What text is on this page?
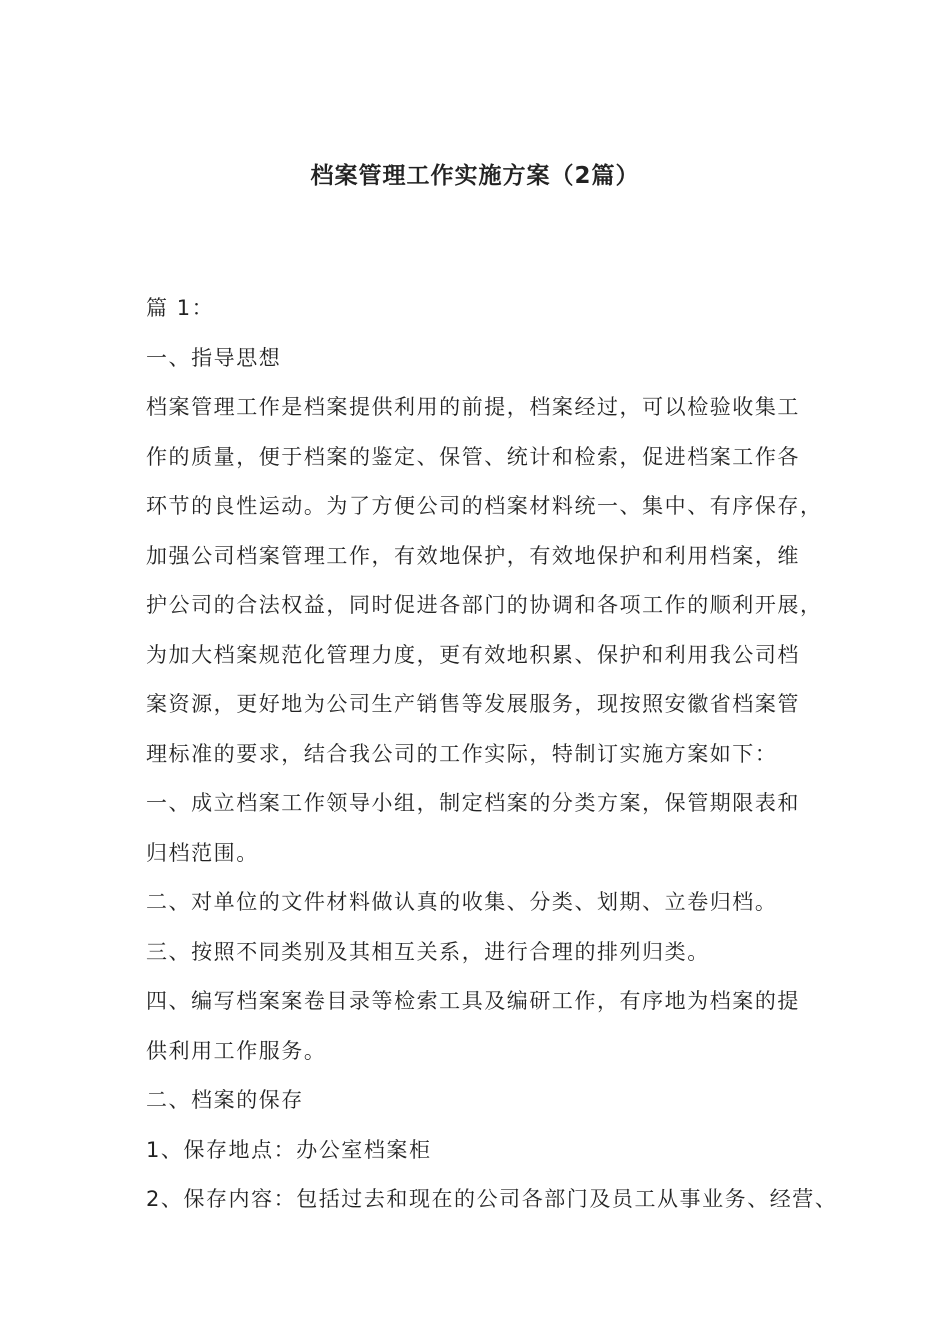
档案管理工作实施方案（2篇）

篇 1：

一、指导思想

档案管理工作是档案提供利用的前提，档案经过，可以检验收集工

作的质量，便于档案的鉴定、保管、统计和检索，促进档案工作各

环节的良性运动。为了方便公司的档案材料统一、集中、有序保存，

加强公司档案管理工作，有效地保护，有效地保护和利用档案，维

护公司的合法权益，同时促进各部门的协调和各项工作的顺利开展，

为加大档案规范化管理力度，更有效地积累、保护和利用我公司档

案资源，更好地为公司生产销售等发展服务，现按照安徽省档案管

理标准的要求，结合我公司的工作实际，特制订实施方案如下：

一、成立档案工作领导小组，制定档案的分类方案，保管期限表和

归档范围。

二、对单位的文件材料做认真的收集、分类、划期、立卷归档。

三、按照不同类别及其相互关系，进行合理的排列归类。

四、编写档案案卷目录等检索工具及编研工作，有序地为档案的提

供利用工作服务。

二、档案的保存

1、保存地点：办公室档案柜

2、保存内容：包括过去和现在的公司各部门及员工从事业务、经营、
